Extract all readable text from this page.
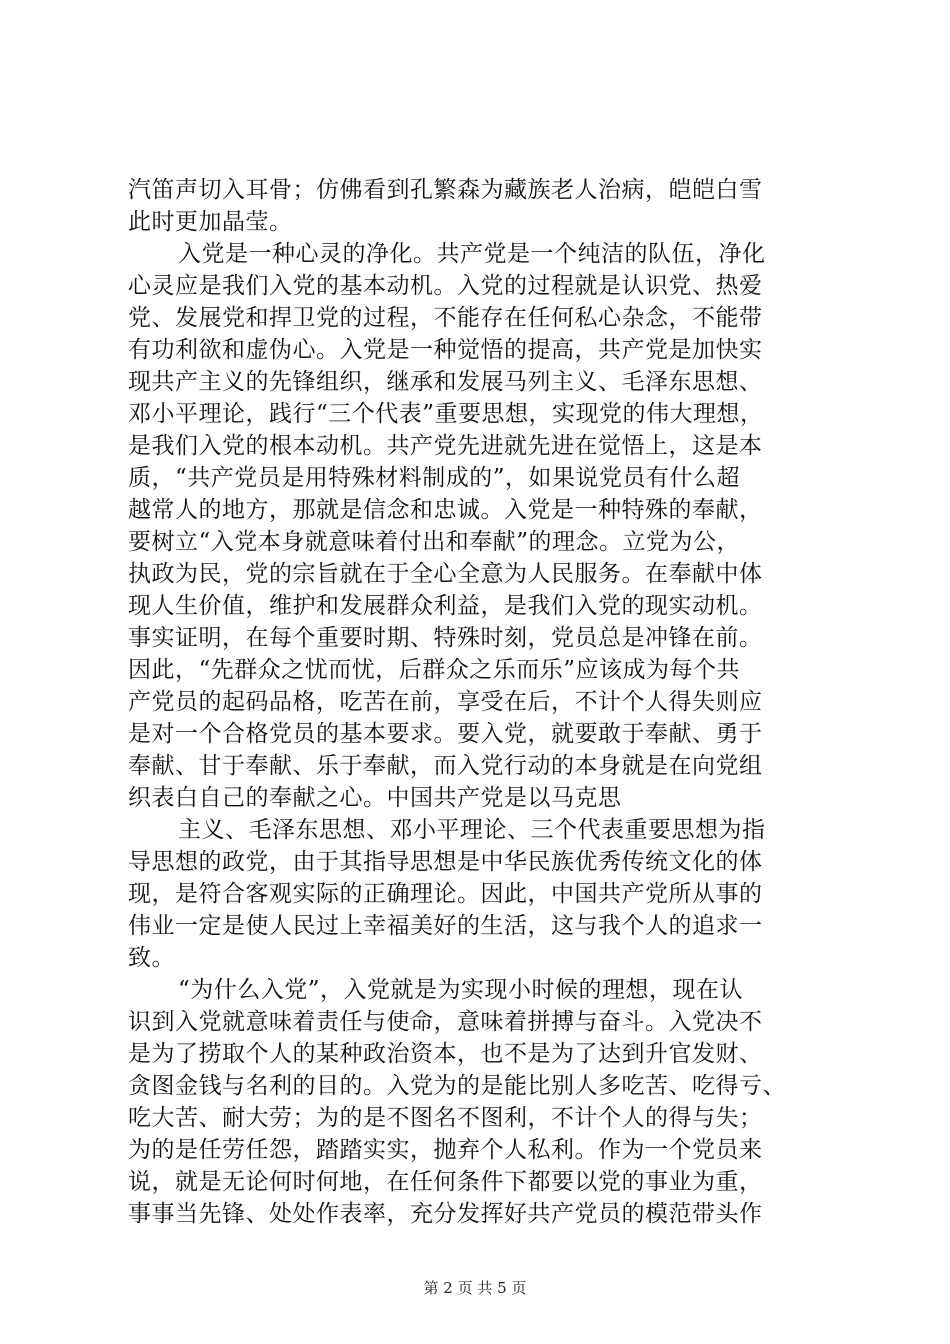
汽笛声切入耳骨；仿佛看到孔繁森为藏族老人治病，皑皑白雪
此时更加晶莹。
入党是一种心灵的净化。共产党是一个纯洁的队伍，净化
心灵应是我们入党的基本动机。入党的过程就是认识党、热爱
党、发展党和捍卫党的过程，不能存在任何私心杂念，不能带
有功利欲和虚伪心。入党是一种觉悟的提高，共产党是加快实
现共产主义的先锋组织，继承和发展马列主义、毛泽东思想、
邓小平理论，践行“三个代表”重要思想，实现党的伟大理想，
是我们入党的根本动机。共产党先进就先进在觉悟上，这是本
质，“共产党员是用特殊材料制成的”，如果说党员有什么超
越常人的地方，那就是信念和忠诚。入党是一种特殊的奉献，
要树立“入党本身就意味着付出和奉献”的理念。立党为公，
执政为民，党的宗旨就在于全心全意为人民服务。在奉献中体
现人生价值，维护和发展群众利益，是我们入党的现实动机。
事实证明，在每个重要时期、特殊时刻，党员总是冲锋在前。
因此，“先群众之忧而忧，后群众之乐而乐”应该成为每个共
产党员的起码品格，吃苦在前，享受在后，不计个人得失则应
是对一个合格党员的基本要求。要入党，就要敢于奉献、勇于
奉献、甘于奉献、乐于奉献，而入党行动的本身就是在向党组
织表白自己的奉献之心。中国共产党是以马克思
主义、毛泽东思想、邓小平理论、三个代表重要思想为指
导思想的政党，由于其指导思想是中华民族优秀传统文化的体
现，是符合客观实际的正确理论。因此，中国共产党所从事的
伟业一定是使人民过上幸福美好的生活，这与我个人的追求一
致。
“为什么入党”，入党就是为实现小时候的理想，现在认
识到入党就意味着责任与使命，意味着拼搏与奋斗。入党决不
是为了捞取个人的某种政治资本，也不是为了达到升官发财、
贪图金钱与名利的目的。入党为的是能比别人多吃苦、吃得亏、
吃大苦、耐大劳；为的是不图名不图利，不计个人的得与失；
为的是任劳任怨，踏踏实实，抛弃个人私利。作为一个党员来
说，就是无论何时何地，在任何条件下都要以党的事业为重，
事事当先锋、处处作表率，充分发挥好共产党员的模范带头作
第 2 页 共 5 页
